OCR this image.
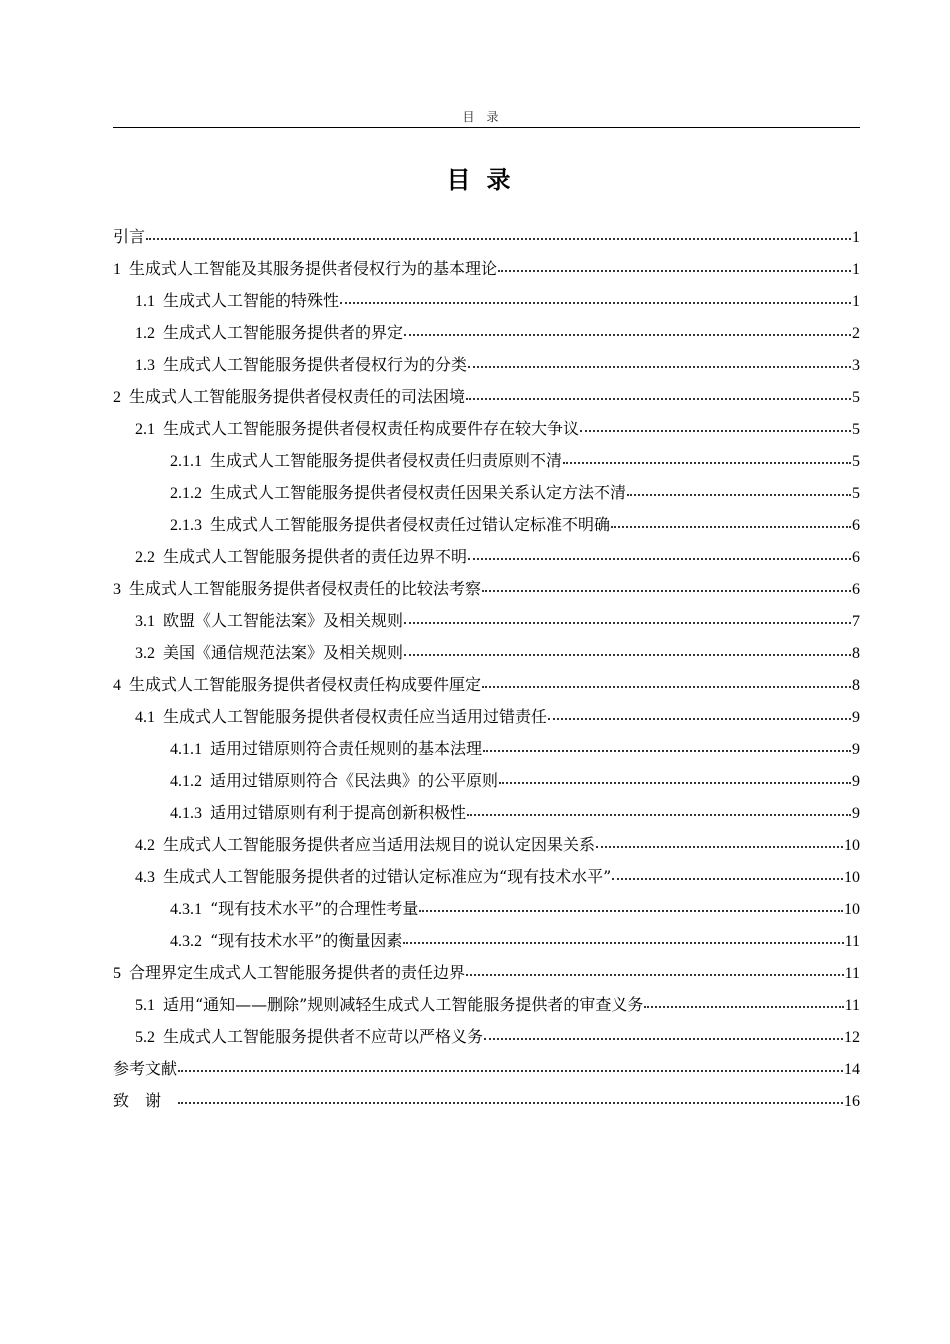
目录
目录
引言	1
1 生成式人工智能及其服务提供者侵权行为的基本理论	1
1.1 生成式人工智能的特殊性	1
1.2 生成式人工智能服务提供者的界定	2
1.3 生成式人工智能服务提供者侵权行为的分类	3
2 生成式人工智能服务提供者侵权责任的司法困境	5
2.1 生成式人工智能服务提供者侵权责任构成要件存在较大争议	5
2.1.1 生成式人工智能服务提供者侵权责任归责原则不清	5
2.1.2 生成式人工智能服务提供者侵权责任因果关系认定方法不清	5
2.1.3 生成式人工智能服务提供者侵权责任过错认定标准不明确	6
2.2 生成式人工智能服务提供者的责任边界不明	6
3 生成式人工智能服务提供者侵权责任的比较法考察	6
3.1 欧盟《人工智能法案》及相关规则	7
3.2 美国《通信规范法案》及相关规则	8
4 生成式人工智能服务提供者侵权责任构成要件厘定	8
4.1 生成式人工智能服务提供者侵权责任应当适用过错责任	9
4.1.1 适用过错原则符合责任规则的基本法理	9
4.1.2 适用过错原则符合《民法典》的公平原则	9
4.1.3 适用过错原则有利于提高创新积极性	9
4.2 生成式人工智能服务提供者应当适用法规目的说认定因果关系	10
4.3 生成式人工智能服务提供者的过错认定标准应为“现有技术水平”	10
4.3.1 “现有技术水平”的合理性考量	10
4.3.2 “现有技术水平”的衡量因素	11
5 合理界定生成式人工智能服务提供者的责任边界	11
5.1 适用“通知——删除”规则减轻生成式人工智能服务提供者的审查义务	11
5.2 生成式人工智能服务提供者不应苛以严格义务	12
参考文献	14
致谢	16
